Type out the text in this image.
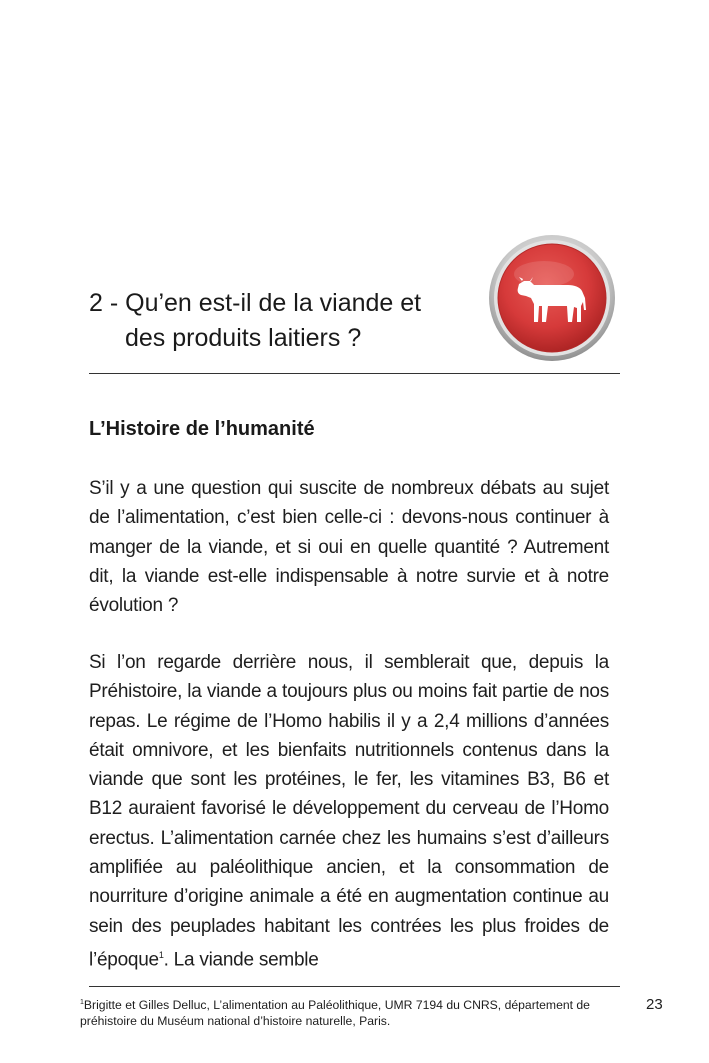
2 - Qu’en est-il de la viande et
des produits laitiers ?
L’Histoire de l’humanité

S’il y a une question qui suscite de nombreux débats au sujet de l’alimentation, c’est bien celle-ci : devons-nous continuer à manger de la viande, et si oui en quelle quantité ? Autrement dit, la viande est-elle indispensable à notre survie et à notre évolution ?

Si l’on regarde derrière nous, il semblerait que, depuis la Préhistoire, la viande a toujours plus ou moins fait partie de nos repas. Le régime de l’Homo habilis il y a 2,4 millions d’années était omnivore, et les bienfaits nutritionnels contenus dans la viande que sont les protéines, le fer, les vitamines B3, B6 et B12 auraient favorisé le développement du cerveau de l’Homo erectus. L’alimentation carnée chez les humains s’est d’ailleurs amplifiée au paléolithique ancien, et la consommation de nourriture d’origine animale a été en augmentation continue au sein des peuplades habitant les contrées les plus froides de l’époque$^1$. La viande semble

$^1$Brigitte et Gilles Delluc, L’alimentation au Paléolithique, UMR 7194 du CNRS, département de préhistoire du Muséum national d’histoire naturelle, Paris.
23
